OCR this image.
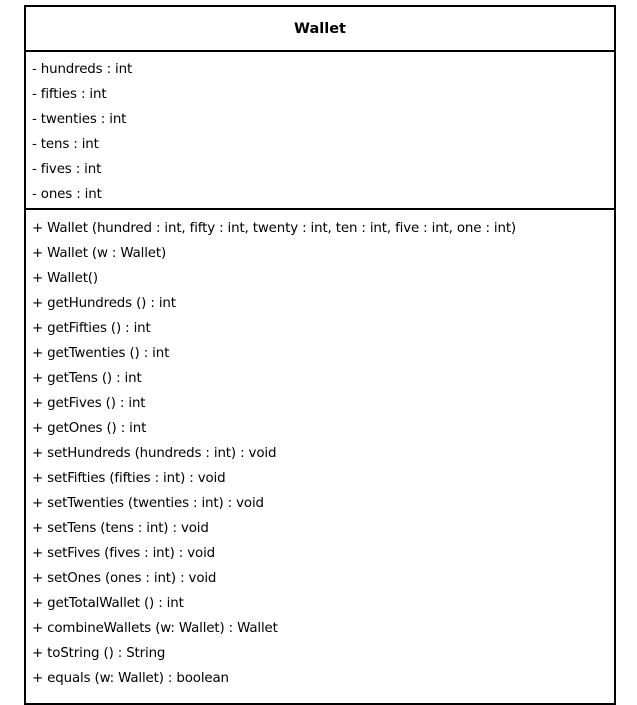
Wallet
- hundreds : int
- fifties : int
- twenties : int
- tens : int
- fives : int
- ones : int
+ Wallet (hundred : int, fifty : int, twenty : int, ten : int, five : int, one : int)
+ Wallet (w : Wallet)
+ Wallet()
+ getHundreds () : int
+ getFifties () : int
+ getTwenties () : int
+ getTens () : int
+ getFives () : int
+ getOnes () : int
+ setHundreds (hundreds : int) : void
+ setFifties (fifties : int) : void
+ setTwenties (twenties : int) : void
+ setTens (tens : int) : void
+ setFives (fives : int) : void
+ setOnes (ones : int) : void
+ getTotalWallet () : int
+ combineWallets (w: Wallet) : Wallet
+ toString () : String
+ equals (w: Wallet) : boolean
